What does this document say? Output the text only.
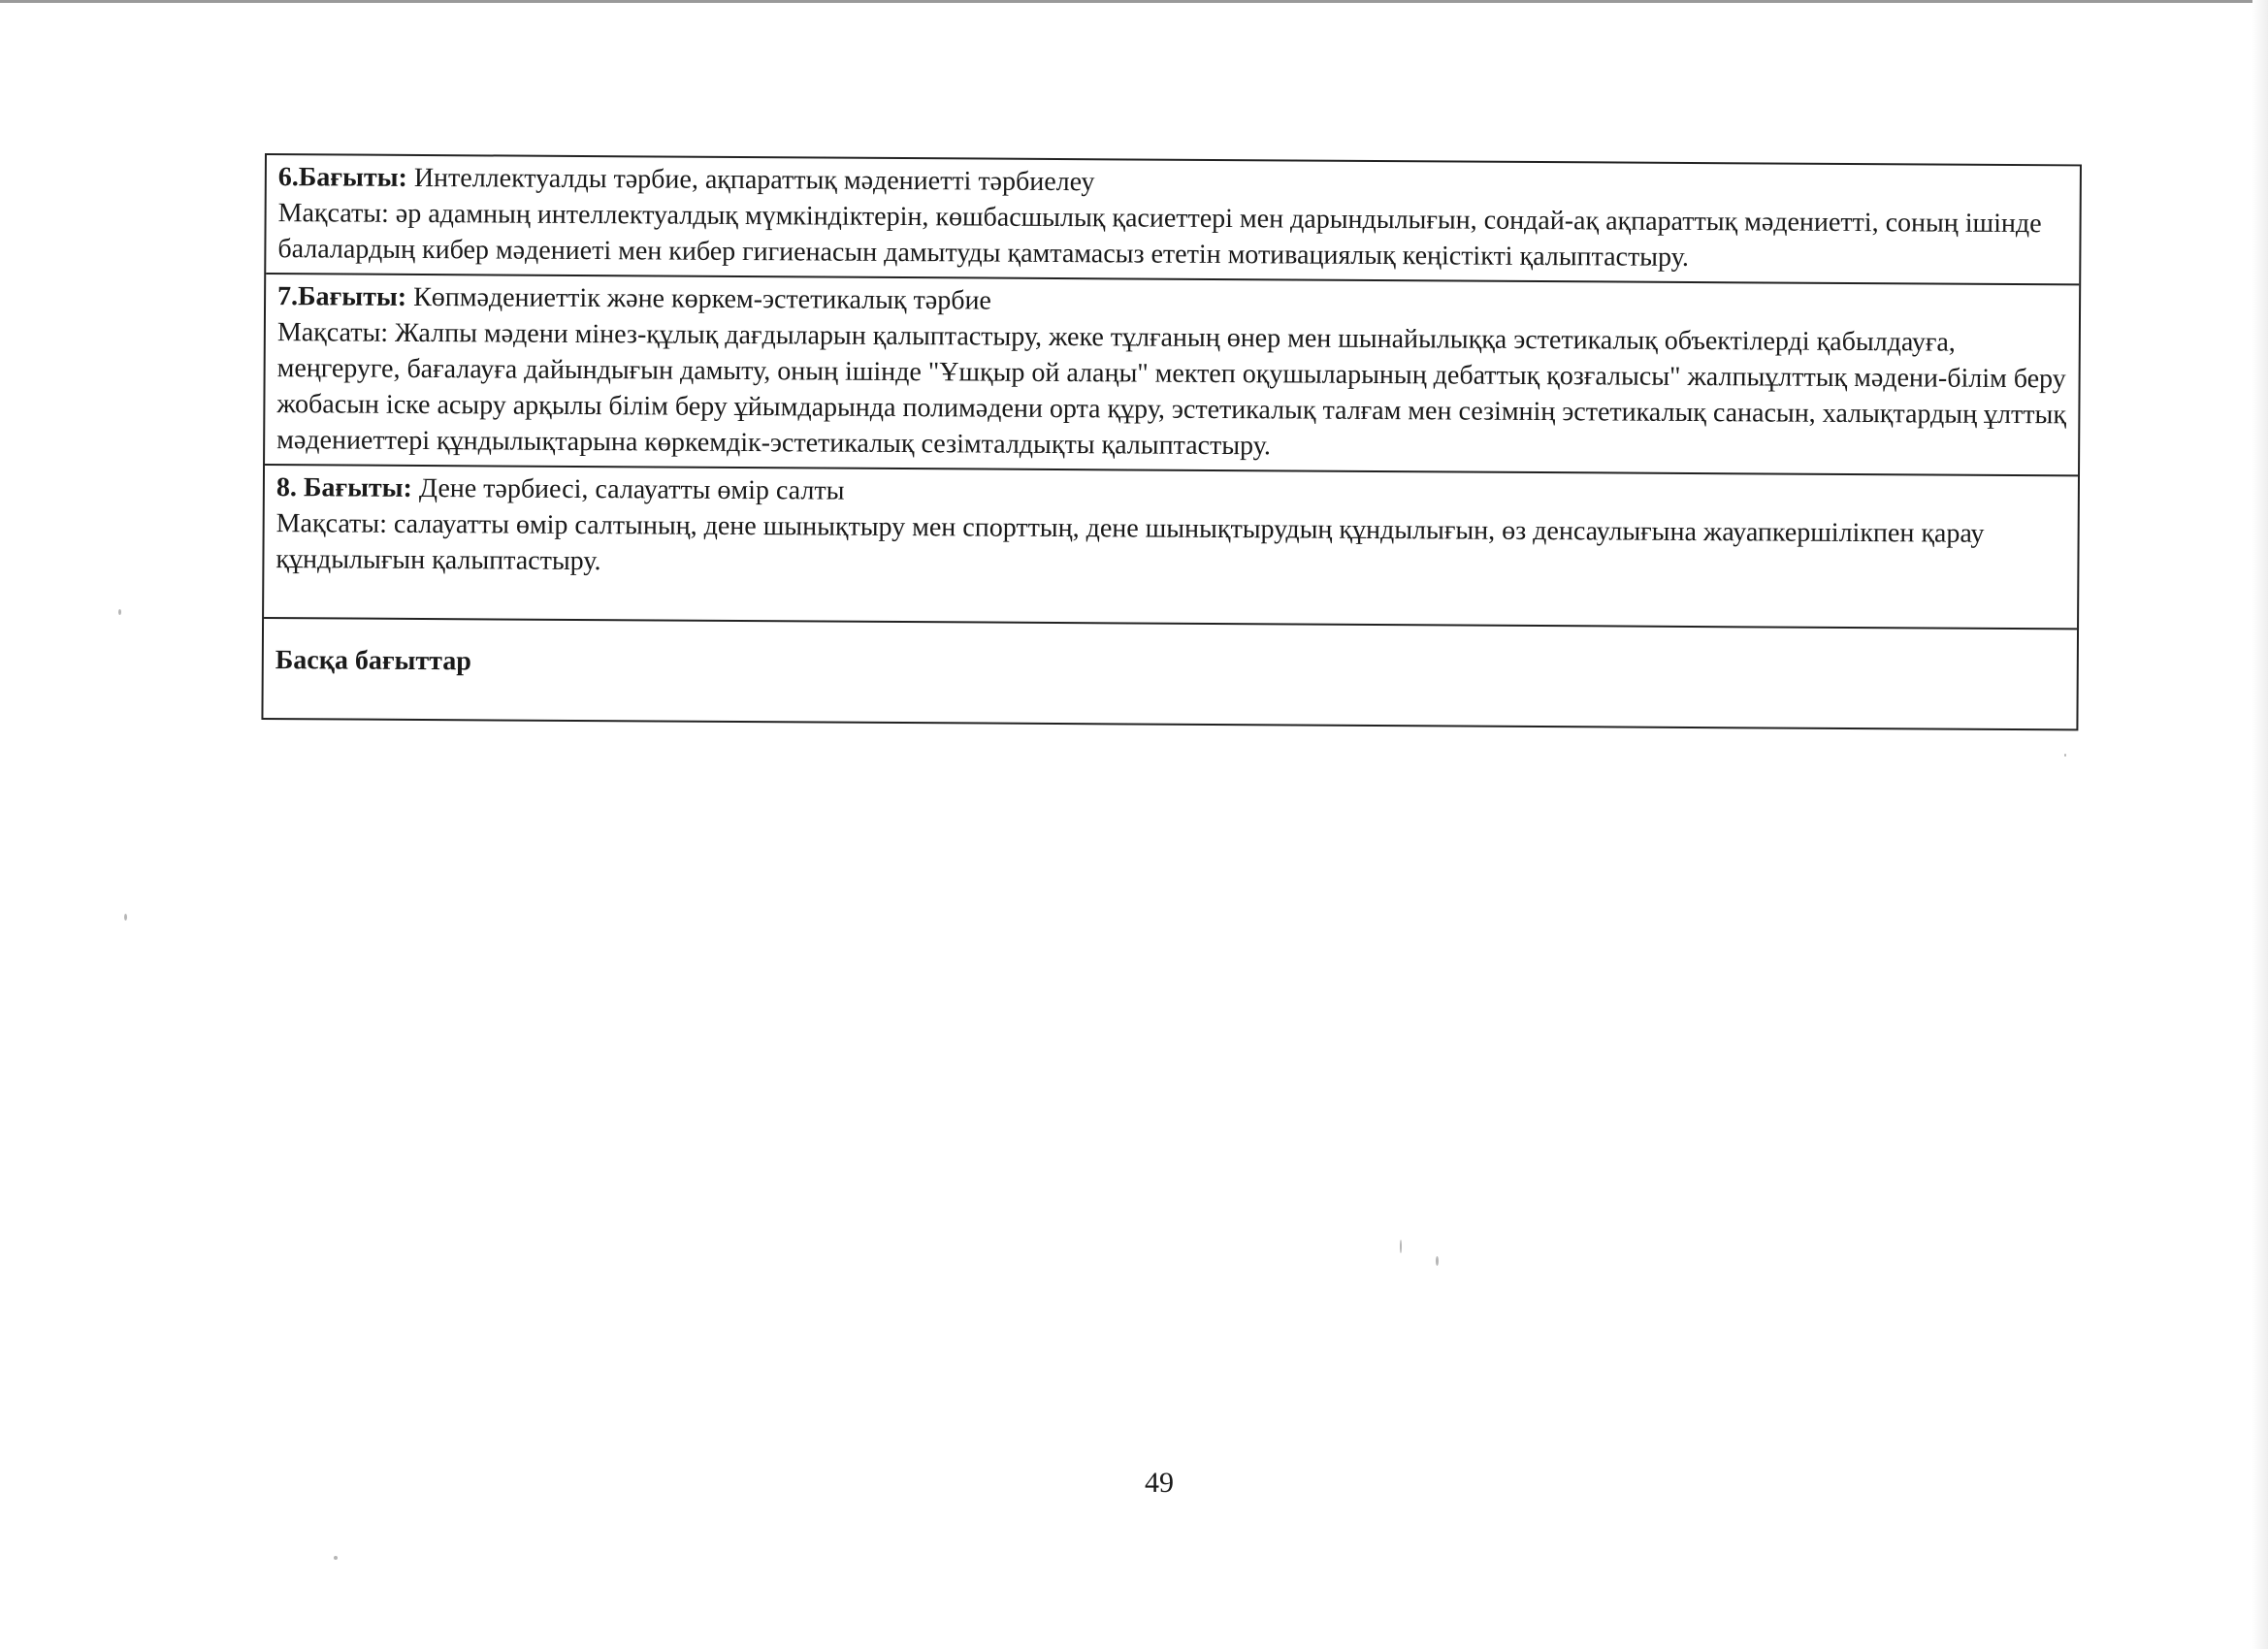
6.Бағыты: Интеллектуалды тәрбие, ақпараттық мәдениетті тәрбиелеу
Мақсаты: әр адамның интеллектуалдық мүмкіндіктерін, көшбасшылық қасиеттері мен дарындылығын, сондай-ақ ақпараттық мәдениетті, соның ішінде балалардың кибер мәдениеті мен кибер гигиенасын дамытуды қамтамасыз ететін мотивациялық кеңістікті қалыптастыру.
7.Бағыты: Көпмәдениеттік және көркем-эстетикалық тәрбие
Мақсаты: Жалпы мәдени мінез-құлық дағдыларын қалыптастыру, жеке тұлғаның өнер мен шынайылыққа эстетикалық объектілерді қабылдауға, меңгеруге, бағалауға дайындығын дамыту, оның ішінде "Ұшқыр ой алаңы" мектеп оқушыларының дебаттық қозғалысы" жалпыұлттық мәдени-білім беру жобасын іске асыру арқылы білім беру ұйымдарында полимәдени орта құру, эстетикалық талғам мен сезімнің эстетикалық санасын, халықтардың ұлттық мәдениеттері құндылықтарына көркемдік-эстетикалық сезімталдықты қалыптастыру.
8. Бағыты: Дене тәрбиесі, салауатты өмір салты
Мақсаты: салауатты өмір салтының, дене шынықтыру мен спорттың, дене шынықтырудың құндылығын, өз денсаулығына жауапкершілікпен қарау құндылығын қалыптастыру.
Басқа бағыттар
49
